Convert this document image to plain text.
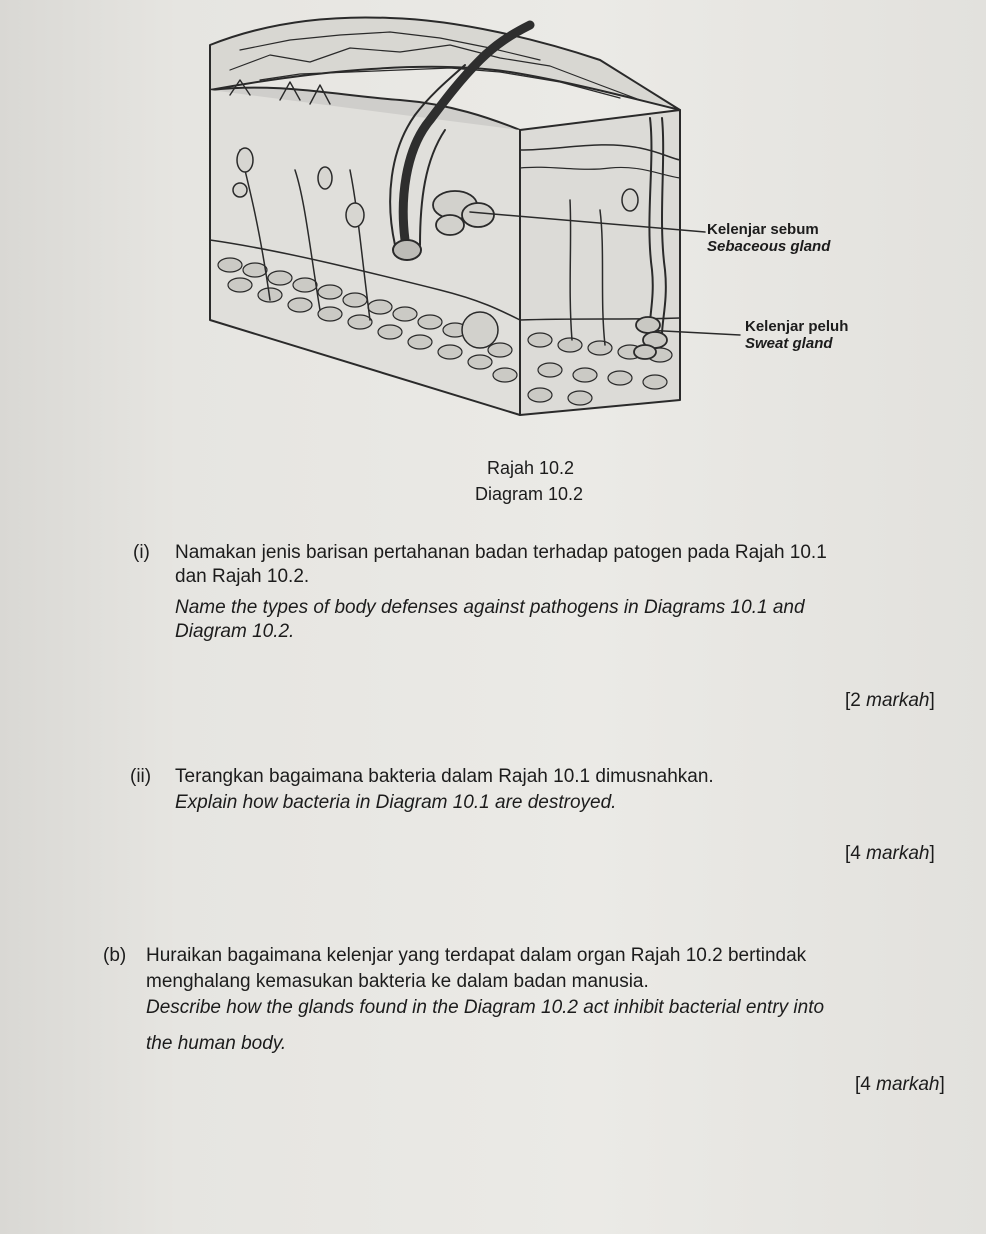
Kelenjar sebum
Sebaceous gland
Kelenjar peluh
Sweat gland
Rajah 10.2
Diagram 10.2
(i) Namakan jenis barisan pertahanan badan terhadap patogen pada Rajah 10.1
dan Rajah 10.2.
Name the types of body defenses against pathogens in Diagrams 10.1 and
Diagram 10.2.
[2 markah]
(ii) Terangkan bagaimana bakteria dalam Rajah 10.1 dimusnahkan.
Explain how bacteria in Diagram 10.1 are destroyed.
[4 markah]
(b) Huraikan bagaimana kelenjar yang terdapat dalam organ Rajah 10.2 bertindak
menghalang kemasukan bakteria ke dalam badan manusia.
Describe how the glands found in the Diagram 10.2 act inhibit bacterial entry into
the human body.
[4 markah]
